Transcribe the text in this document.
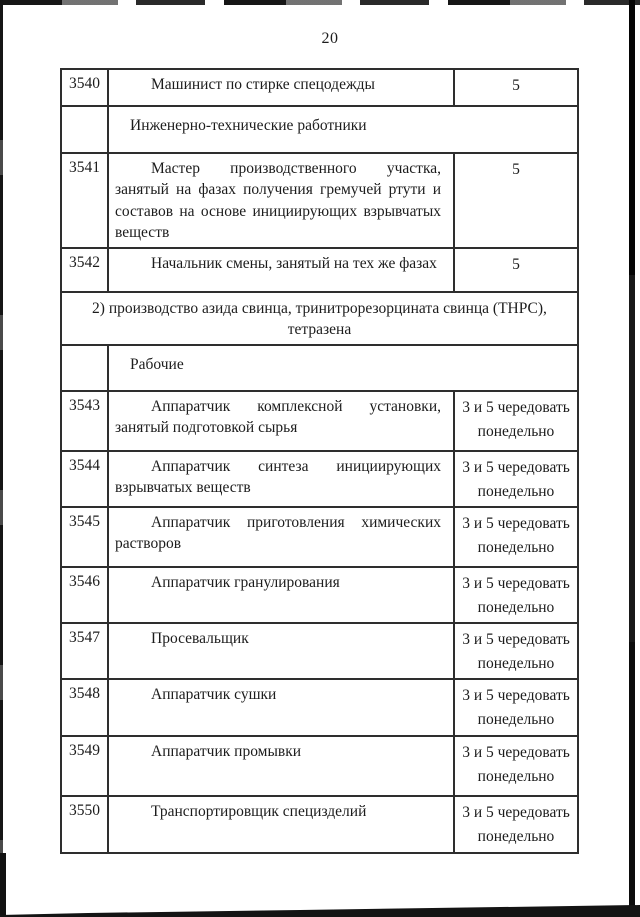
20
3540	Машинист по стирке спецодежды	5
	Инженерно-технические работники	
3541	Мастер производственного участка, занятый на фазах получения гремучей ртути и составов на основе инициирующих взрывчатых веществ	5
3542	Начальник смены, занятый на тех же фазах	5
2) производство азида свинца, тринитрорезорцината свинца (ТНРС), тетразена		
	Рабочие	
3543	Аппаратчик комплексной установки, занятый подготовкой сырья	3 и 5 чередовать понедельно
3544	Аппаратчик синтеза инициирующих взрывчатых веществ	3 и 5 чередовать понедельно
3545	Аппаратчик приготовления химических растворов	3 и 5 чередовать понедельно
3546	Аппаратчик гранулирования	3 и 5 чередовать понедельно
3547	Просевальщик	3 и 5 чередовать понедельно
3548	Аппаратчик сушки	3 и 5 чередовать понедельно
3549	Аппаратчик промывки	3 и 5 чередовать понедельно
3550	Транспортировщик специзделий	3 и 5 чередовать понедельно
